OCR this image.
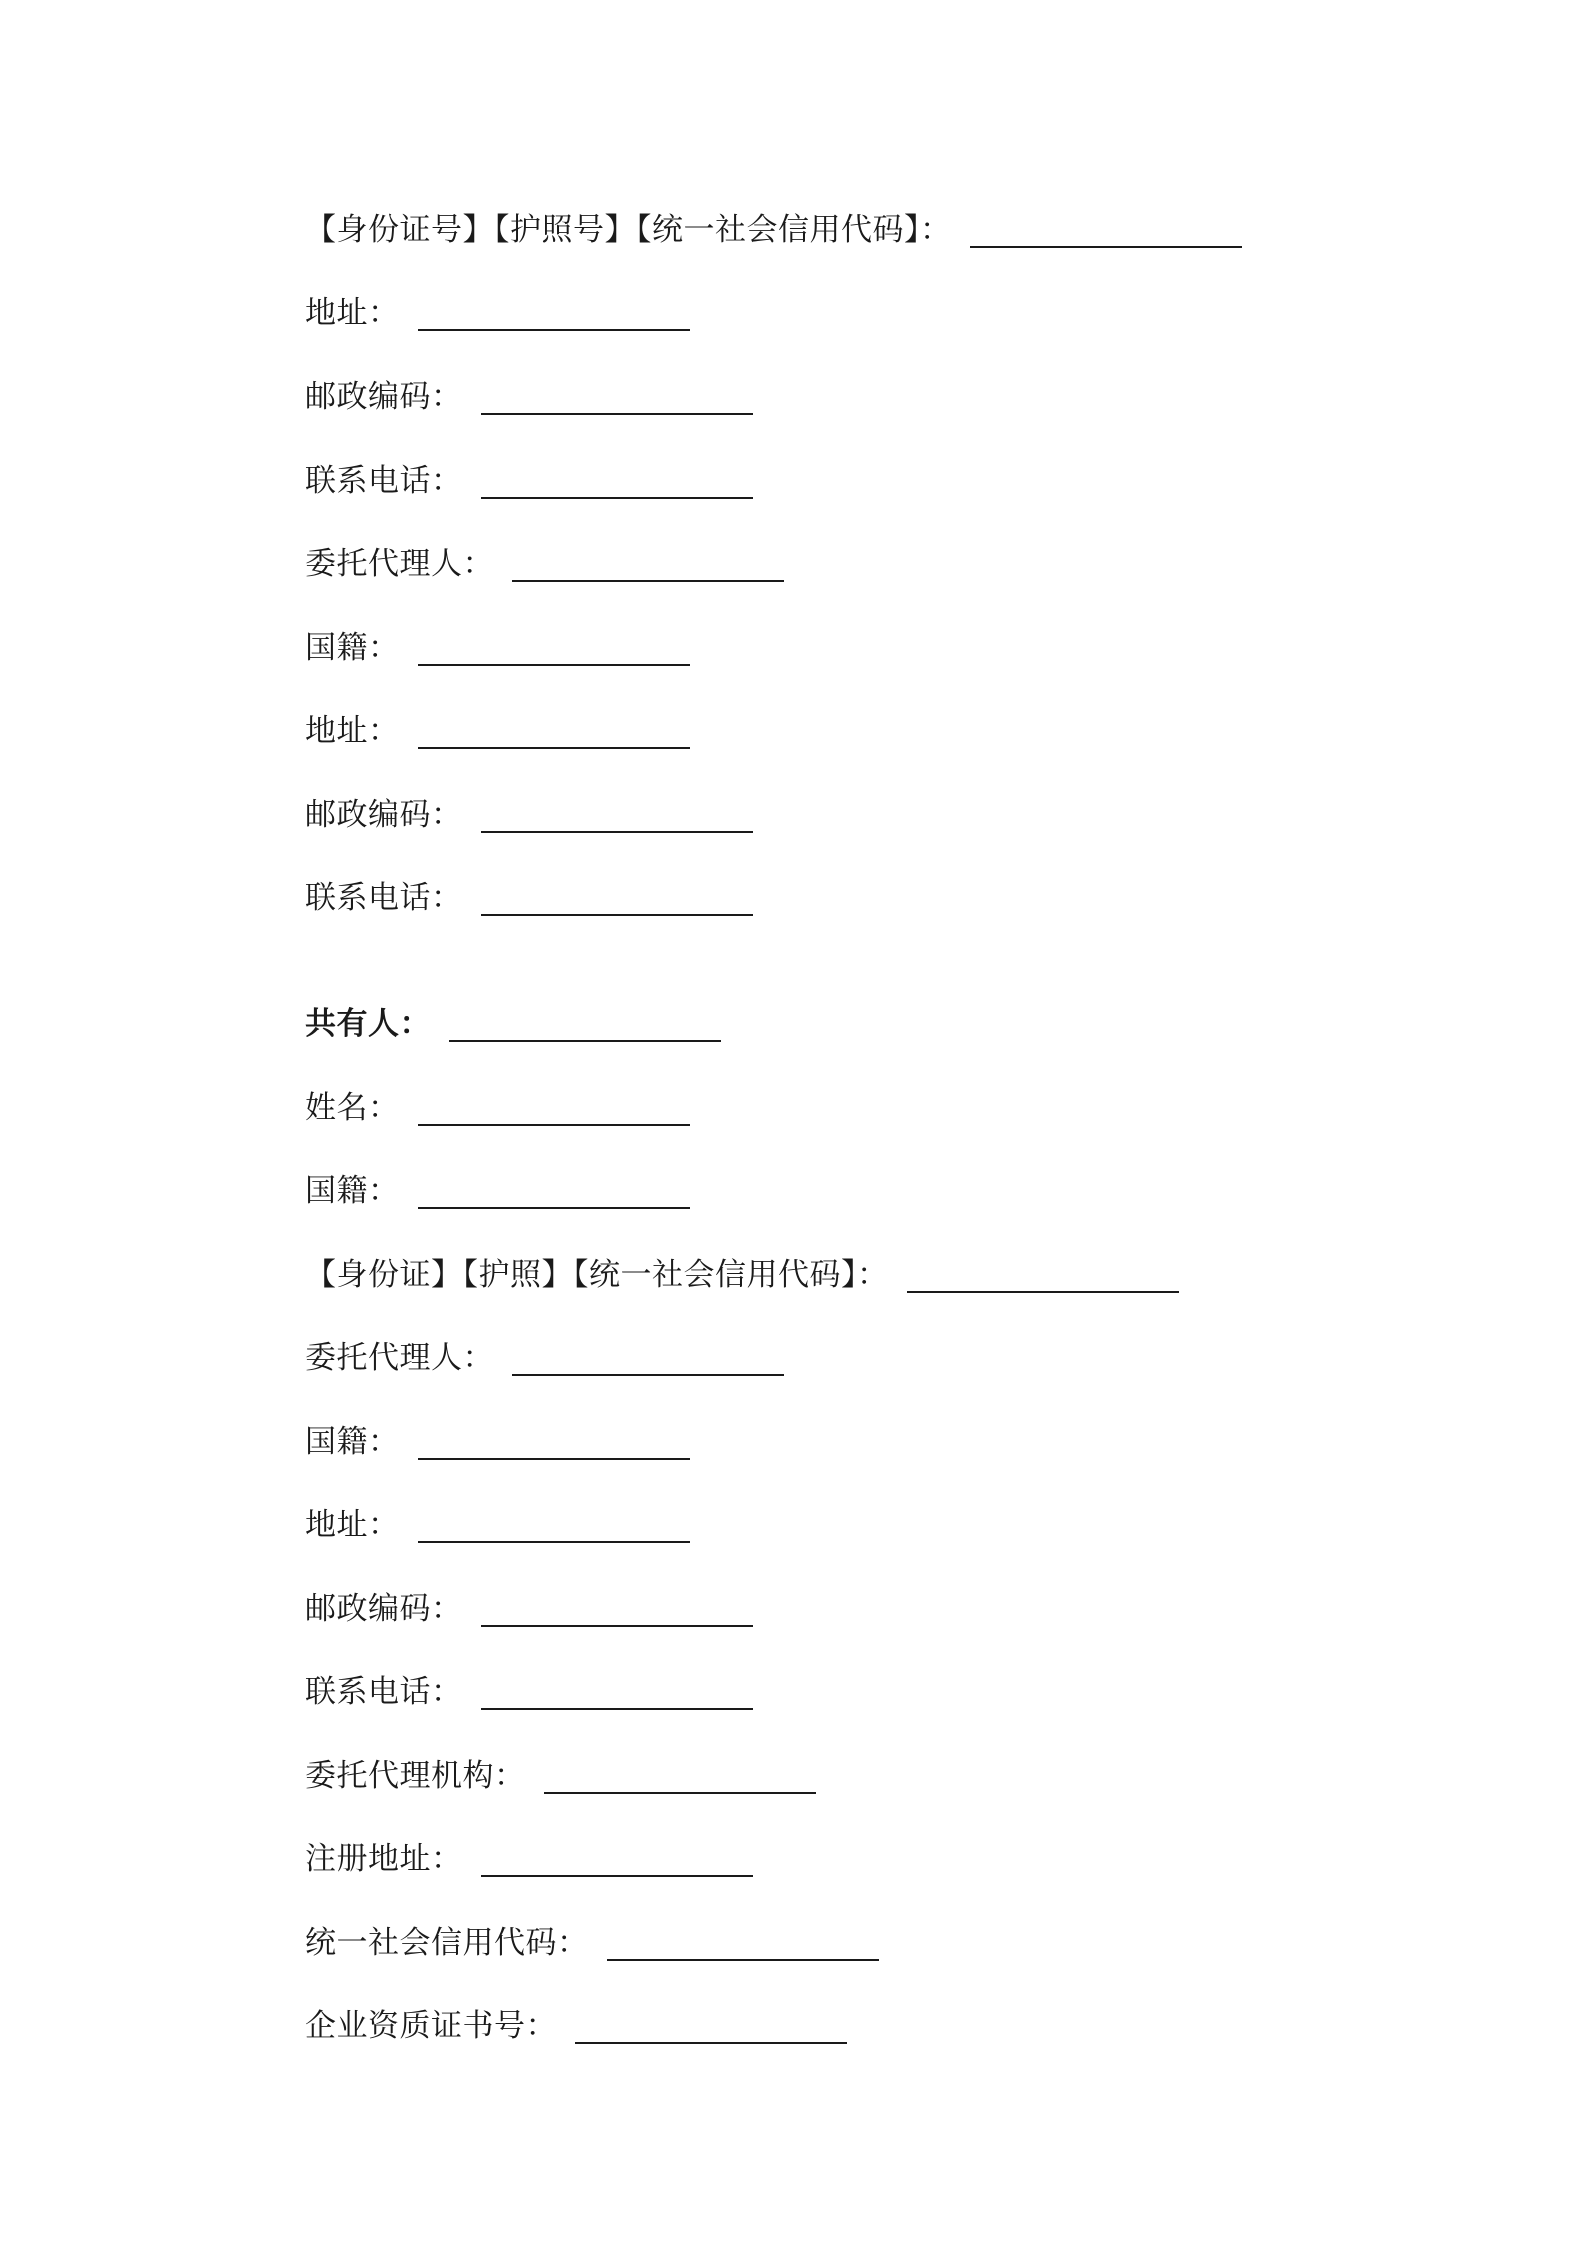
【身份证号】【护照号】【统一社会信用代码】：
地址：
邮政编码：
联系电话：
委托代理人：
国籍：
地址：
邮政编码：
联系电话：
共有人：
姓名：
国籍：
【身份证】【护照】【统一社会信用代码】：
委托代理人：
国籍：
地址：
邮政编码：
联系电话：
委托代理机构：
注册地址：
统一社会信用代码：
企业资质证书号：
